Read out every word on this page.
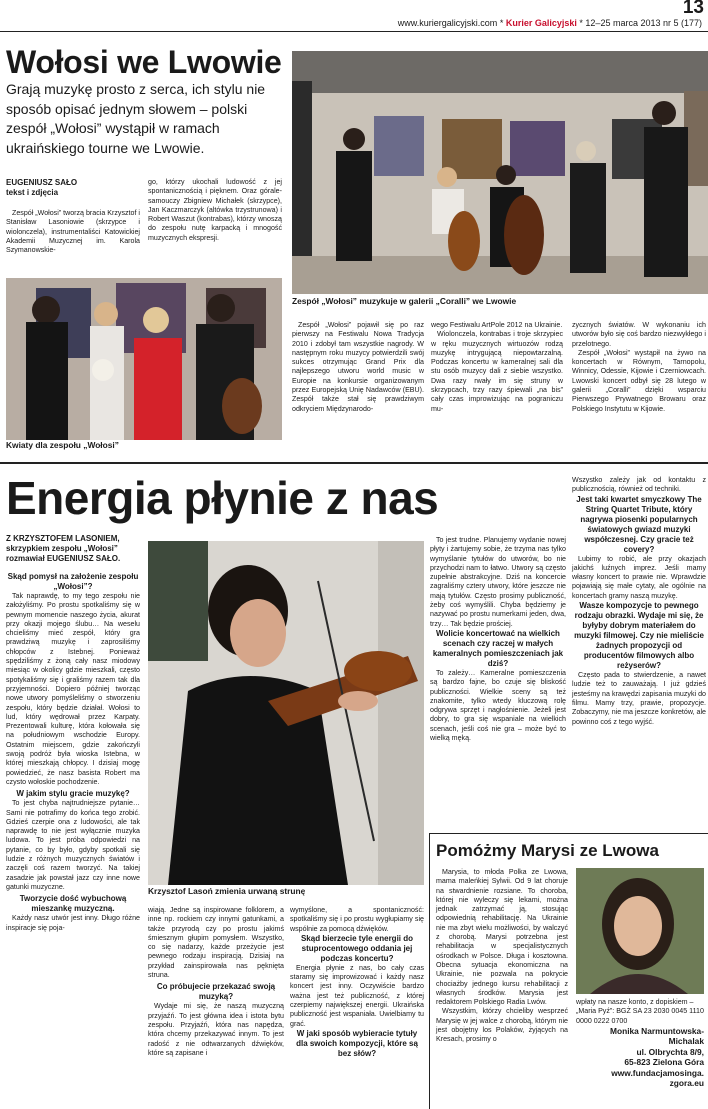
13
www.kuriergalicyjski.com * Kurier Galicyjski * 12–25 marca 2013 nr 5 (177)
Wołosi we Lwowie
Grają muzykę prosto z serca, ich stylu nie sposób opisać jednym słowem – polski zespół „Wołosi” wystąpił w ramach ukraińskiego tourne we Lwowie.
EUGENIUSZ SAŁO
tekst i zdjęcia

Zespół „Wołosi” tworzą bracia Krzysztof i Stanisław Lasoniowie (skrzypce i wiolonczela), instrumentaliści Katowickiej Akademii Muzycznej im. Karola Szymanowskie-

go, którzy ukochali ludowość z jej spontanicznością i pięknem. Oraz górale-samouczy Zbigniew Michałek (skrzypce), Jan Kaczmarczyk (altówka trzystrunowa) i Robert Waszut (kontrabas), którzy wnoszą do zespołu nutę karpacką i mnogość muzycznych ekspresji.

Kwiaty dla zespołu „Wołosi”
Zespół „Wołosi” muzykuje w galerii „Coralli” we Lwowie

Zespół „Wołosi” pojawił się po raz pierwszy na Festiwalu Nowa Tradycja 2010 i zdobył tam wszystkie nagrody. W następnym roku muzycy potwierdzili swój sukces otrzymując Grand Prix dla najlepszego utworu world music w Europie na konkursie organizowanym przez Europejską Unię Nadawców (EBU). Zespół także stał się prawdziwym odkryciem Międzynarodo-

wego Festiwalu ArtPole 2012 na Ukrainie.

Wiolonczela, kontrabas i troje skrzypiec w ręku muzycznych wirtuozów rodzą muzykę intrygującą niepowtarzalną. Podczas koncertu w kameralnej sali dla stu osób muzycy dali z siebie wszystko. Dwa razy rwały im się struny w skrzypcach, trzy razy śpiewali „na bis” cały czas improwizując na pograniczu mu-

zycznych światów. W wykonaniu ich utworów było się coś bardzo niezwykłego i przelotnego.

Zespół „Wołosi” wystąpił na żywo na koncertach w Równym, Tarnopolu, Winnicy, Odessie, Kijowie i Czerniowcach. Lwowski koncert odbył się 28 lutego w galerii „Coralli” dzięki wsparciu Pierwszego Prywatnego Browaru oraz Polskiego Instytutu w Kijowie.

Energia płynie z nas

Z KRZYSZTOFEM LASONIEM, skrzypkiem zespołu „Wołosi” rozmawiał EUGENIUSZ SAŁO.

Skąd pomysł na założenie zespołu „Wołosi”?

Tak naprawdę, to my tego zespołu nie założyliśmy. Po prostu spotkaliśmy się w pewnym momencie naszego życia, akurat przy okazji mojego ślubu… Na weselu chcieliśmy mieć zespół, który gra prawdziwą muzykę i zaprosiliśmy chłopców z Istebnej. Ponieważ spędziliśmy z żoną cały nasz miodowy miesiąc w okolicy gdzie mieszkali, często spotykaliśmy się i graliśmy razem tak dla przyjemności. Dopiero później tworząc nowe utwory pomyśleliśmy o stworzeniu zespołu, który będzie działał. Wołosi to lud, który wędrował przez Karpaty. Prezentowali kulturę, która kołowała się na południowym wschodzie Europy. Ostatnim miejscem, gdzie zakończyli swoją podróż była wioska Istebna, w której mieszkają chłopcy. I dzisiaj mogę powiedzieć, że nasz basista Robert ma czysto wołoskie pochodzenie.

W jakim stylu gracie muzykę?

To jest chyba najtrudniejsze pytanie… Sami nie potrafimy do końca tego zrobić. Gdzieś czerpie ona z ludowości, ale tak naprawdę to nie jest wyłącznie muzyka ludowa. To jest próba odpowiedzi na pytanie, co by było, gdyby spotkali się ludzie z różnych muzycznych światów i zaczęli coś razem tworzyć. Na takiej zasadzie jak powstał jazz czy inne nowe gatunki muzyczne.

Tworzycie dość wybuchową mieszankę muzyczną.

Każdy nasz utwór jest inny. Długo różne inspiracje się poja-

Krzysztof Lasoń zmienia urwaną strunę

wiają. Jedne są inspirowane folklorem, a inne np. rockiem czy innymi gatunkami, a także przyrodą czy po prostu jakimś śmiesznym głupim pomysłem. Wszystko, co się nadarzy, każde przeżycie jest pewnego rodzaju inspiracją. Dzisiaj na przykład zainspirowała nas pęknięta struna.

Co próbujecie przekazać swoją muzyką?

Wydaje mi się, że naszą muzyczną przyjaźń. To jest główna idea i istota bytu zespołu. Przyjaźń, która nas napędza, która chcemy przekazywać innym. To jest radość z nie odtwarzanych dźwięków, które są zapisane i

To jest trudne. Planujemy wydanie nowej płyty i żartujemy sobie, że trzyma nas tylko wymyślanie tytułów do utworów, bo nie przychodzi nam to łatwo. Utwory są często zupełnie abstrakcyjne. Dziś na koncercie zagraliśmy cztery utwory, które jeszcze nie mają tytułów. Często prosimy publiczność, żeby coś wymyślili. Chyba będziemy je nazywać po prostu numerkami jeden, dwa, trzy… Tak będzie prościej.

Wolicie koncertować na wielkich scenach czy raczej w małych kameralnych pomieszczeniach jak dziś?

To zależy… Kameralne pomieszczenia są bardzo fajne, bo czuje się bliskość publiczności. Wielkie sceny są też znakomite, tylko wtedy kluczową rolę odgrywa sprzęt i nagłośnienie. Jeżeli jest dobry, to gra się wspaniale na wielkich scenach, jeśli coś nie gra – może być to wielką męką.

wymyślone, a spontaniczność: spotkaliśmy się i po prostu wygłupiamy się wspólnie za pomocą dźwięków.

Skąd bierzecie tyle energii do stuprocentowego oddania jej podczas koncertu?

Energia płynie z nas, bo cały czas staramy się improwizować i każdy nasz koncert jest inny. Oczywiście bardzo ważna jest też publiczność, z której czerpiemy największej energii. Ukraińska publiczność jest wspaniała. Uwielbiamy tu grać.

W jaki sposób wybieracie tytuły dla swoich kompozycji, które są bez słów?

Wszystko zależy jak od kontaktu z publicznością, również od techniki.

Jest taki kwartet smyczkowy The String Quartet Tribute, który nagrywa piosenki popularnych światowych gwiazd muzyki współczesnej. Czy gracie też covery?

Lubimy to robić, ale przy okazjach jakichś luźnych imprez. Jeśli mamy własny koncert to prawie nie. Wprawdzie pojawiają się małe cytaty, ale ogólnie na koncertach gramy naszą muzykę.

Wasze kompozycje to pewnego rodzaju obrazki. Wydaje mi się, że byłyby dobrym materiałem do muzyki filmowej. Czy nie mieliście żadnych propozycji od producentów filmowych albo reżyserów?

Często pada to stwierdzenie, a nawet ludzie też to zauważają. I już gdzieś jesteśmy na krawędzi zapisania muzyki do filmu. Mamy trzy, prawie, propozycje. Zobaczymy, nie ma jeszcze konkretów, ale powinno coś z tego wyjść.

Pomóżmy Marysi ze Lwowa

Marysia, to młoda Polka ze Lwowa, mama maleńkiej Sylwii. Od 9 lat choruje na stwardnienie rozsiane. To choroba, której nie wyleczy się lekami, można jednak zatrzymać ją, stosując odpowiednią rehabilitację. Na Ukrainie nie ma zbyt wielu możliwości, by walczyć z chorobą. Marysi potrzebna jest rehabilitacja w specjalistycznych ośrodkach w Polsce. Długa i kosztowna. Obecna sytuacja ekonomiczna na Ukrainie, nie pozwala na pokrycie chociażby jednego kursu rehabilitacji z własnych środków. Marysia jest redaktorem Polskiego Radia Lwów.

Wszystkim, którzy chcieliby wesprzeć Marysię w jej walce z chorobą, którym nie jest obojętny los Polaków, żyjących na Kresach, prosimy o

wpłaty na nasze konto, z dopiskiem – „Maria Pyź”: BGŻ SA 23 2030 0045 1110 0000 0222 0700
Monika Narmuntowska-Michalak
ul. Olbrychta 8/9,
65-823 Zielona Góra
www.fundacjamosinga.
zgora.eu
